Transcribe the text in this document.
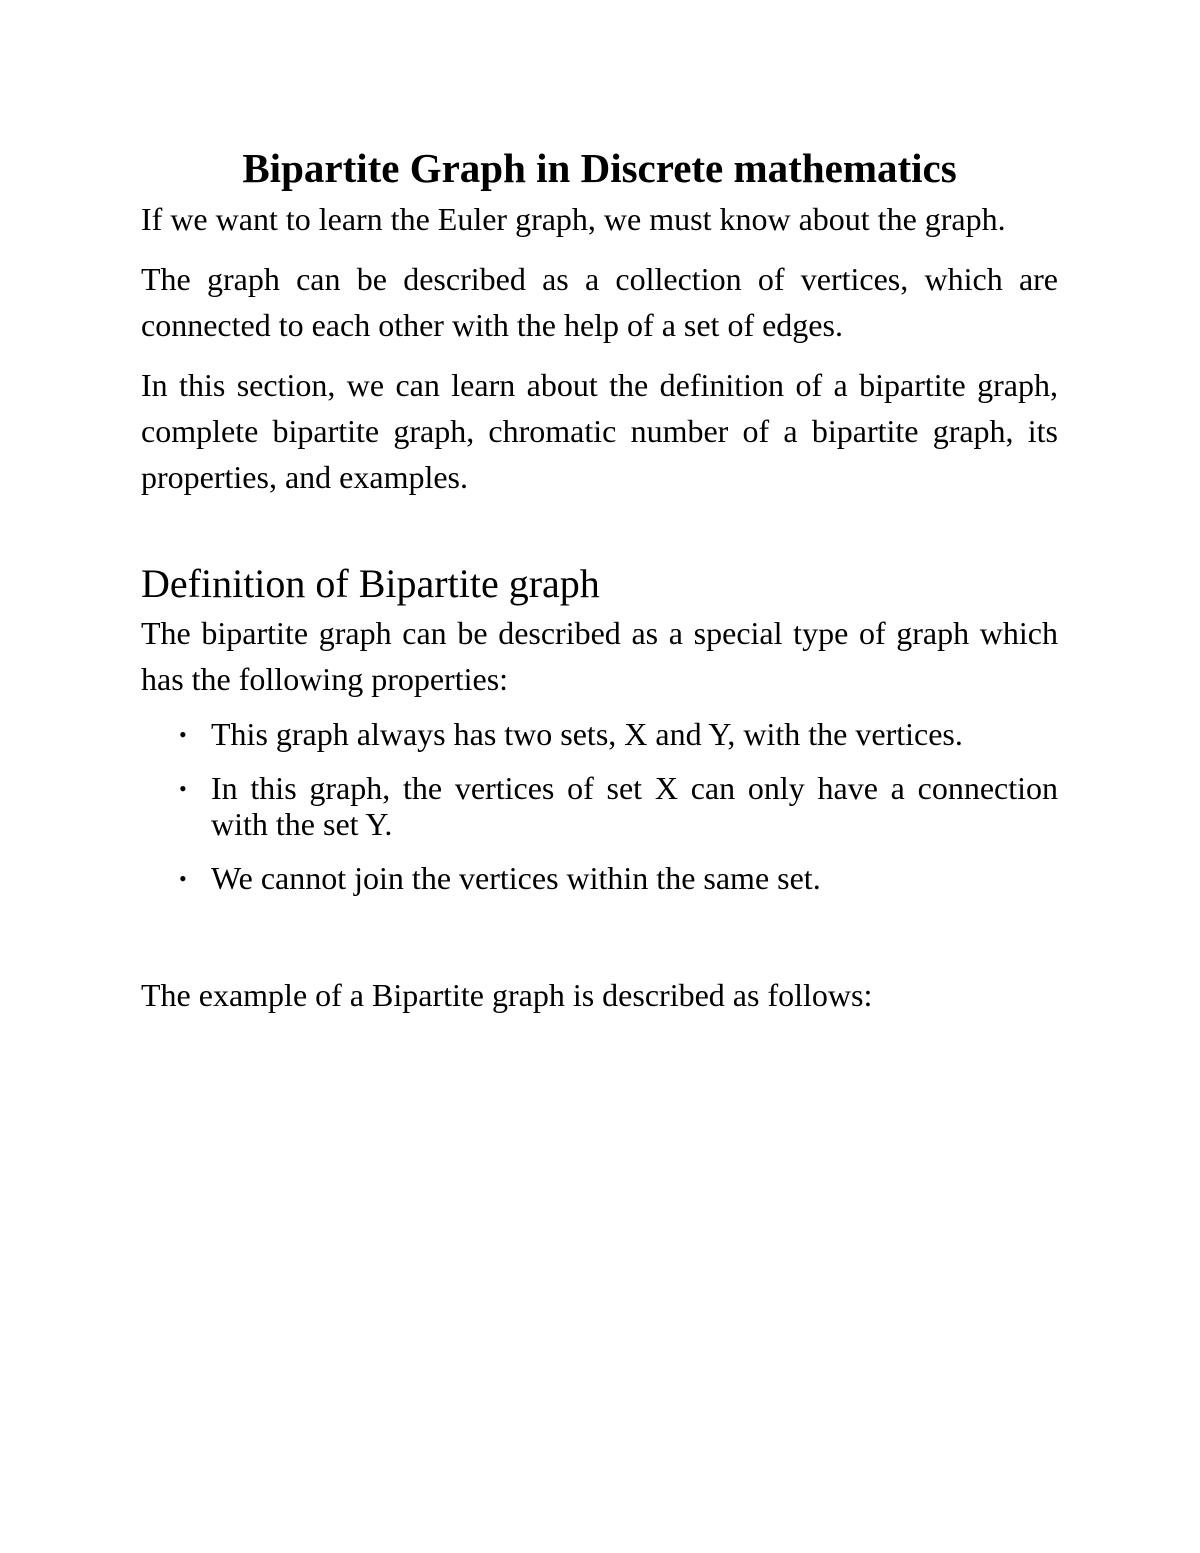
Bipartite Graph in Discrete mathematics

If we want to learn the Euler graph, we must know about the graph.

The graph can be described as a collection of vertices, which are connected to each other with the help of a set of edges.

In this section, we can learn about the definition of a bipartite graph, complete bipartite graph, chromatic number of a bipartite graph, its properties, and examples.

Definition of Bipartite graph

The bipartite graph can be described as a special type of graph which has the following properties:

• This graph always has two sets, X and Y, with the vertices.
• In this graph, the vertices of set X can only have a connection with the set Y.
• We cannot join the vertices within the same set.

The example of a Bipartite graph is described as follows:
